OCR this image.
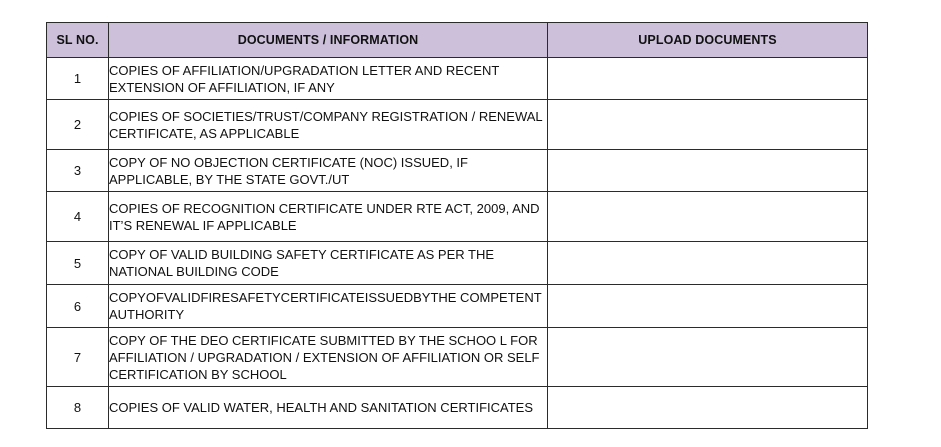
SL NO.	DOCUMENTS / INFORMATION	UPLOAD DOCUMENTS
1	COPIES OF AFFILIATION/UPGRADATION LETTER AND RECENT EXTENSION OF AFFILIATION, IF ANY	
2	COPIES OF SOCIETIES/TRUST/COMPANY REGISTRATION / RENEWAL CERTIFICATE, AS APPLICABLE	
3	COPY OF NO OBJECTION CERTIFICATE (NOC) ISSUED, IF APPLICABLE, BY THE STATE GOVT./UT	
4	COPIES OF RECOGNITION CERTIFICATE UNDER RTE ACT, 2009, AND IT’S RENEWAL IF APPLICABLE	
5	COPY OF VALID BUILDING SAFETY CERTIFICATE AS PER THE NATIONAL BUILDING CODE	
6	COPYOFVALIDFIRESAFETYCERTIFICATEISSUEDBYTHE COMPETENT AUTHORITY	
7	COPY OF THE DEO CERTIFICATE SUBMITTED BY THE SCHOO L FOR AFFILIATION / UPGRADATION / EXTENSION OF AFFILIATION OR SELF CERTIFICATION BY SCHOOL	
8	COPIES OF VALID WATER, HEALTH AND SANITATION CERTIFICATES	
